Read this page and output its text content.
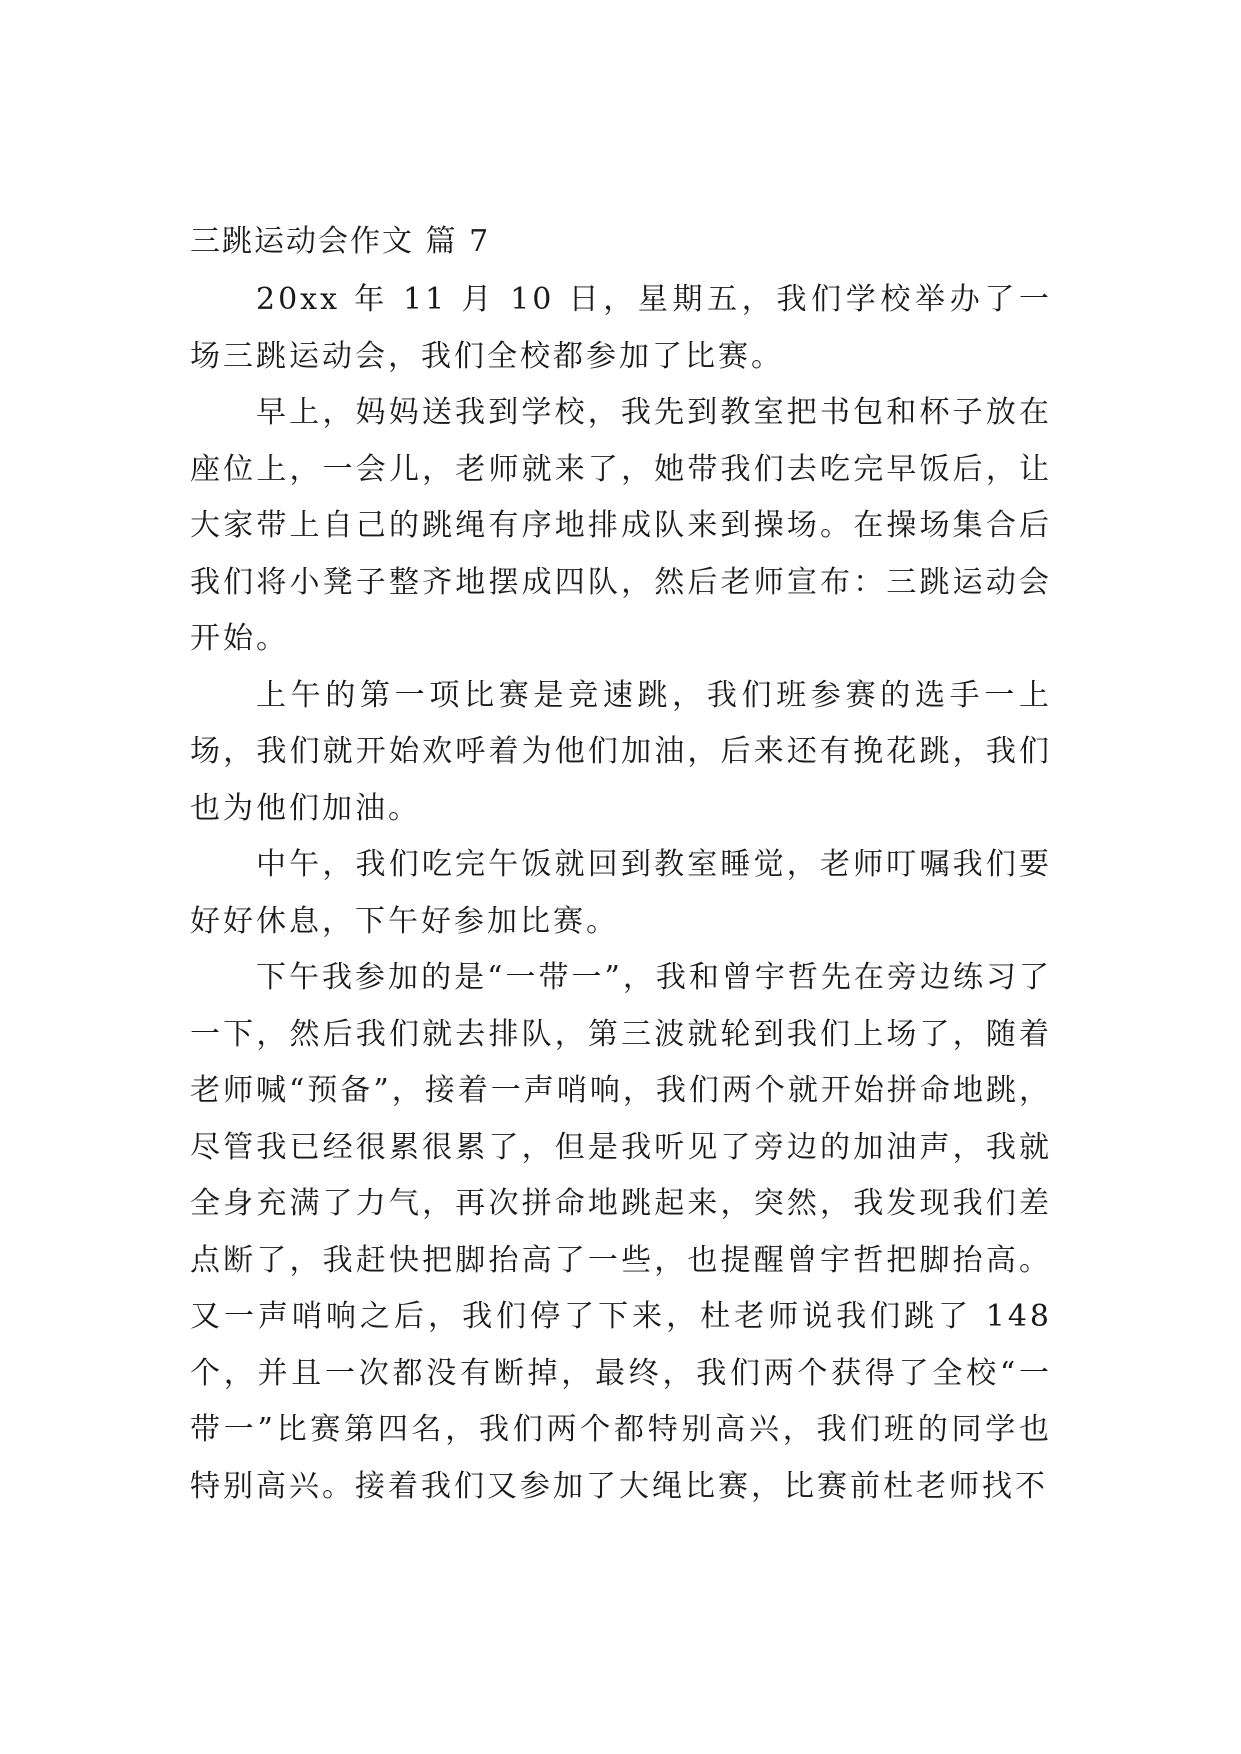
三跳运动会作文 篇 7

20xx 年 11 月 10 日，星期五，我们学校举办了一场三跳运动会，我们全校都参加了比赛。

早上，妈妈送我到学校，我先到教室把书包和杯子放在座位上，一会儿，老师就来了，她带我们去吃完早饭后，让大家带上自己的跳绳有序地排成队来到操场。在操场集合后我们将小凳子整齐地摆成四队，然后老师宣布：三跳运动会开始。

上午的第一项比赛是竞速跳，我们班参赛的选手一上场，我们就开始欢呼着为他们加油，后来还有挽花跳，我们也为他们加油。

中午，我们吃完午饭就回到教室睡觉，老师叮嘱我们要好好休息，下午好参加比赛。

下午我参加的是“一带一”，我和曾宇哲先在旁边练习了一下，然后我们就去排队，第三波就轮到我们上场了，随着老师喊“预备”，接着一声哨响，我们两个就开始拼命地跳，尽管我已经很累很累了，但是我听见了旁边的加油声，我就全身充满了力气，再次拼命地跳起来，突然，我发现我们差点断了，我赶快把脚抬高了一些，也提醒曾宇哲把脚抬高。又一声哨响之后，我们停了下来，杜老师说我们跳了 148 个，并且一次都没有断掉，最终，我们两个获得了全校“一带一”比赛第四名，我们两个都特别高兴，我们班的同学也特别高兴。接着我们又参加了大绳比赛，比赛前杜老师找不
